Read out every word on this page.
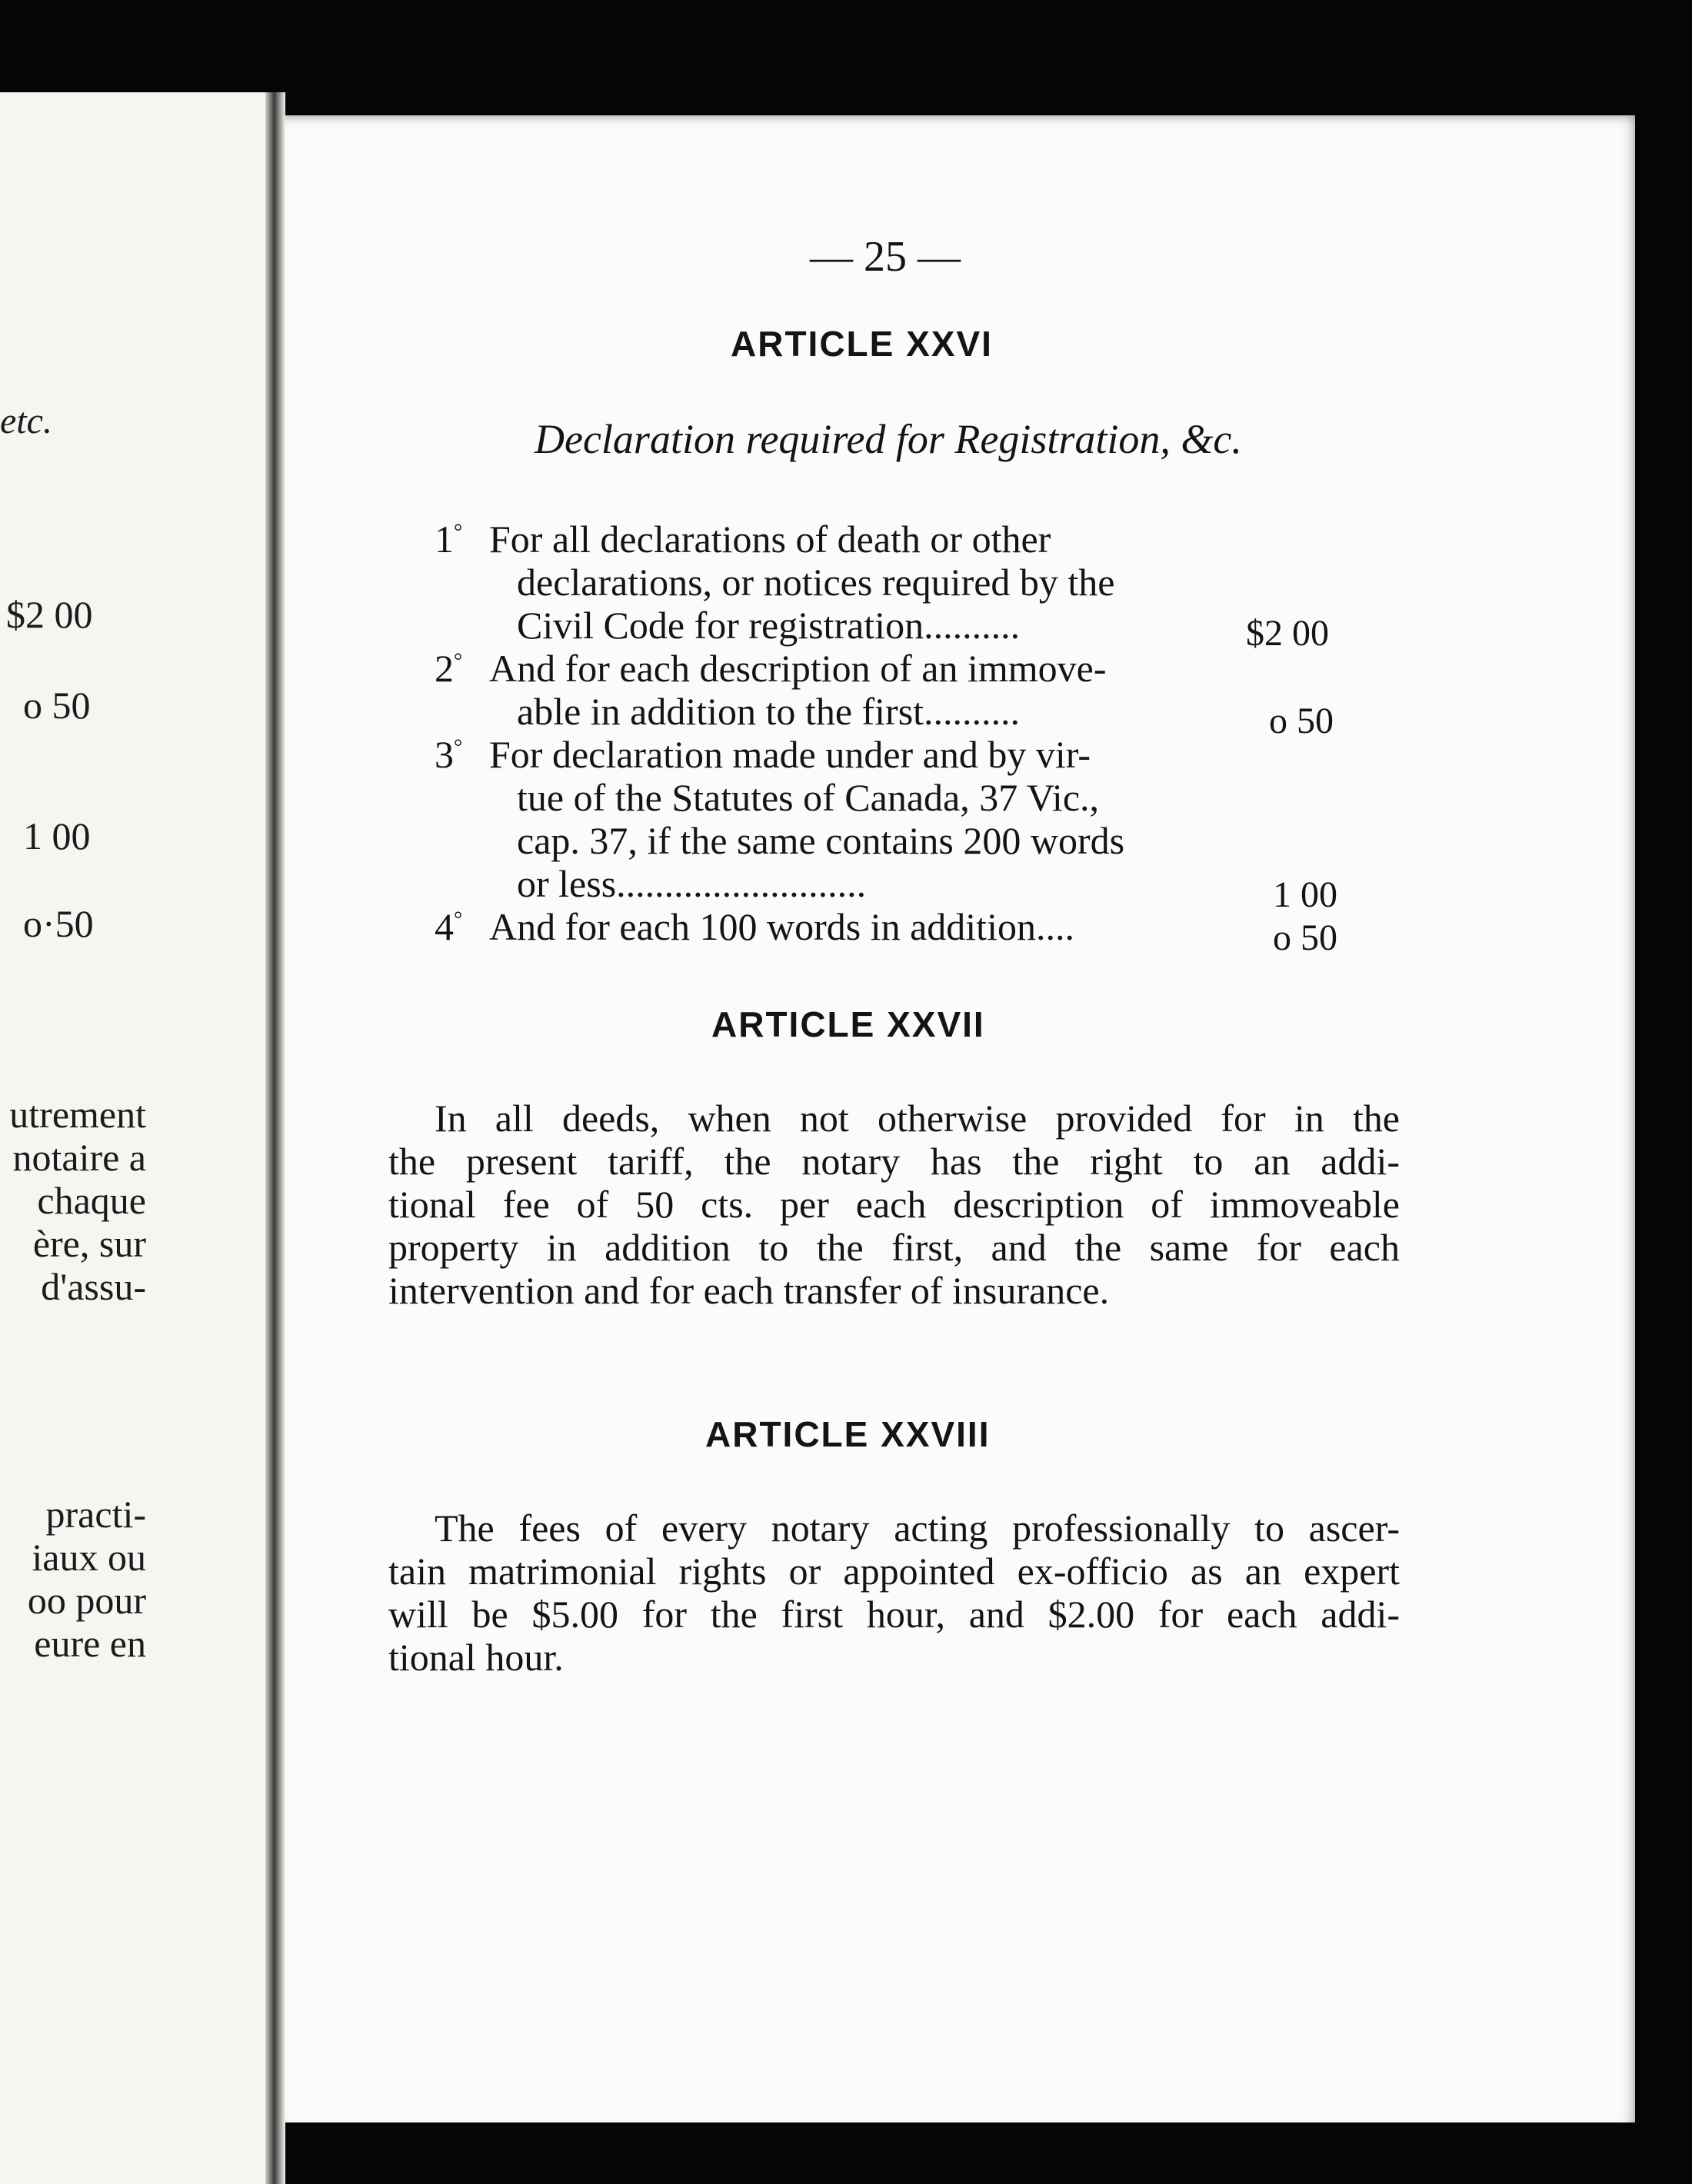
etc.
$2 00
o 50
1 00
o·50
utrement
notaire a
chaque
ère, sur
d'assu-
practi-
iaux ou
oo pour
eure en
— 25 —
ARTICLE XXVI
Declaration required for Registration, &c.
1° For all declarations of death or other
declarations, or notices required by the
Civil Code for registration..........	$2 00
2° And for each description of an immove-
able in addition to the first..........	o 50
3° For declaration made under and by vir-
tue of the Statutes of Canada, 37 Vic.,
cap. 37, if the same contains 200 words
or less..........................	1 00
4° And for each 100 words in addition....	o 50
ARTICLE XXVII
In all deeds, when not otherwise provided for in the
the present tariff, the notary has the right to an addi-
tional fee of 50 cts. per each description of immoveable
property in addition to the first, and the same for each
intervention and for each transfer of insurance.
ARTICLE XXVIII
The fees of every notary acting professionally to ascer-
tain matrimonial rights or appointed ex-officio as an expert
will be $5.00 for the first hour, and $2.00 for each addi-
tional hour.
